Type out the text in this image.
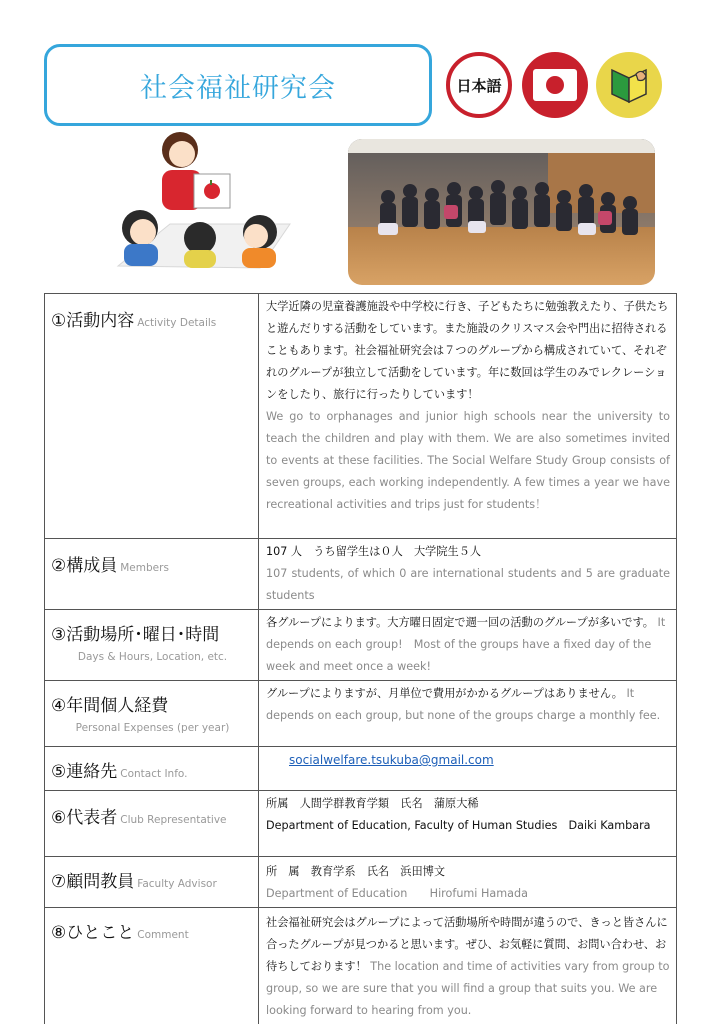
社会福祉研究会	日本語
①活動内容 Activity Details	大学近隣の児童養護施設や中学校に行き、子どもたちに勉強教えたり、子供たちと遊んだりする活動をしています。また施設のクリスマス会や門出に招待されることもあります。社会福祉研究会は７つのグループから構成されていて、それぞれのグループが独立して活動をしています。年に数回は学生のみでレクレーションをしたり、旅行に行ったりしています！
We go to orphanages and junior high schools near the university to teach the children and play with them. We are also sometimes invited to events at these facilities. The Social Welfare Study Group consists of seven groups, each working independently. A few times a year we have recreational activities and trips just for students！

②構成員 Members	107 人　うち留学生は０人　大学院生５人
107 students, of which 0 are international students and 5 are graduate students

③活動場所･曜日･時間
Days & Hours, Location, etc.	各グループによります。大方曜日固定で週一回の活動のグループが多いです。 It depends on each group!　Most of the groups have a fixed day of the week and meet once a week!
④年間個人経費
Personal Expenses (per year)	グループによりますが、月単位で費用がかかるグループはありません。 It depends on each group, but none of the groups charge a monthly fee.
⑤連絡先 Contact Info.	socialwelfare.tsukuba@gmail.com
⑥代表者 Club Representative	所属　人間学群教育学類　氏名　蒲原大稀
Department of Education, Faculty of Human Studies　Daiki Kambara

⑦顧問教員 Faculty Advisor	所　属　教育学系　氏名　浜田博文
Department of Education　　Hirofumi Hamada

⑧ひとこと Comment	社会福祉研究会はグループによって活動場所や時間が違うので、きっと皆さんに合ったグループが見つかると思います。ぜひ、お気軽に質問、お問い合わせ、お待ちしております！ The location and time of activities vary from group to group, so we are sure that you will find a group that suits you. We are looking forward to hearing from you.
